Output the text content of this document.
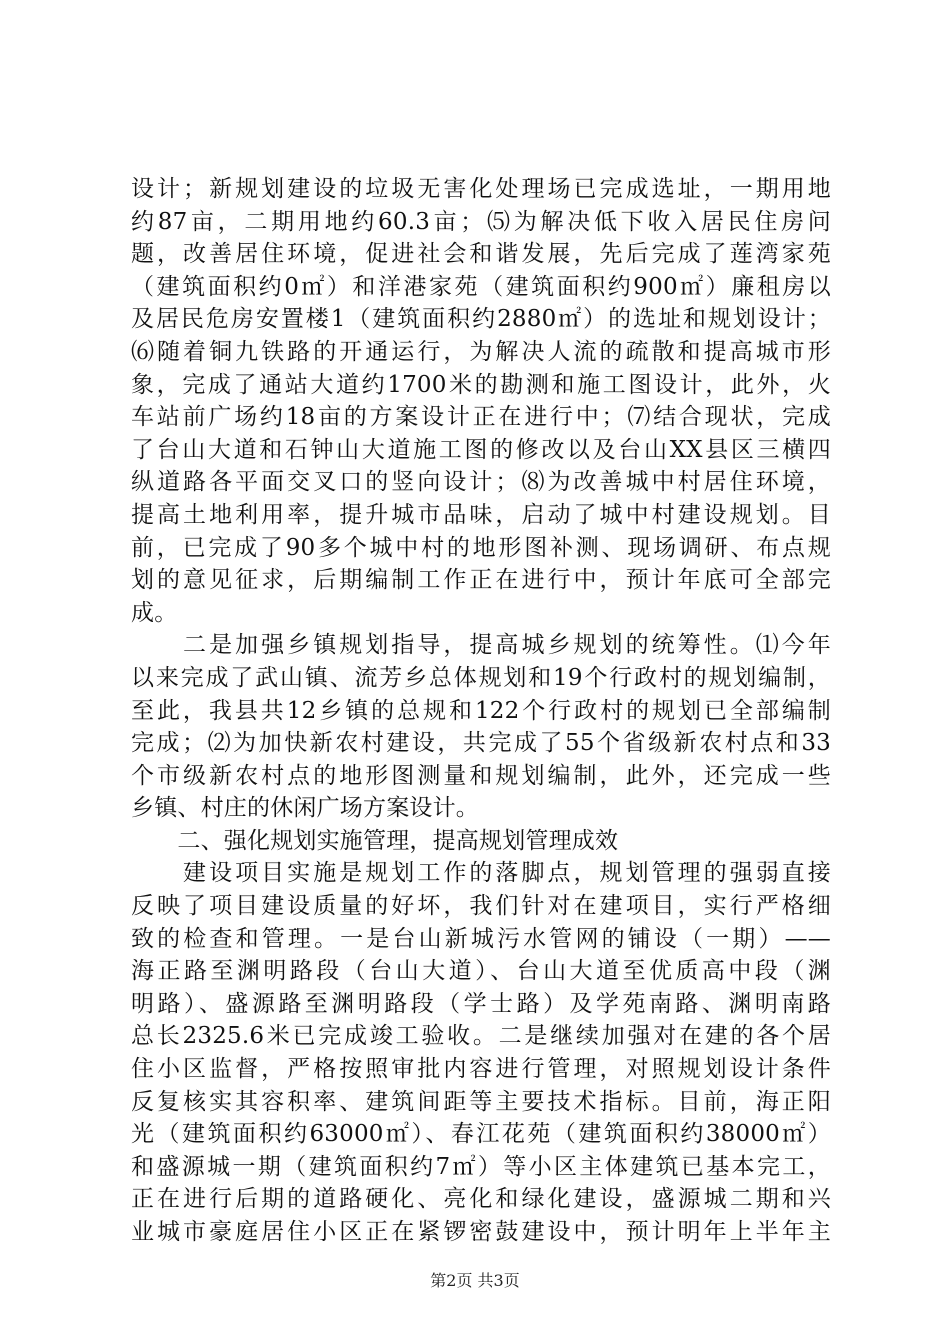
设计；新规划建设的垃圾无害化处理场已完成选址，一期用地
约87亩，二期用地约60.3亩；⑸为解决低下收入居民住房问
题，改善居住环境，促进社会和谐发展，先后完成了莲湾家苑
（建筑面积约0㎡）和洋港家苑（建筑面积约900㎡）廉租房以
及居民危房安置楼1（建筑面积约2880㎡）的选址和规划设计；
⑹随着铜九铁路的开通运行，为解决人流的疏散和提高城市形
象，完成了通站大道约1700米的勘测和施工图设计，此外，火
车站前广场约18亩的方案设计正在进行中；⑺结合现状，完成
了台山大道和石钟山大道施工图的修改以及台山XX县区三横四
纵道路各平面交叉口的竖向设计；⑻为改善城中村居住环境，
提高土地利用率，提升城市品味，启动了城中村建设规划。目
前，已完成了90多个城中村的地形图补测、现场调研、布点规
划的意见征求，后期编制工作正在进行中，预计年底可全部完
成。
　　二是加强乡镇规划指导，提高城乡规划的统筹性。⑴今年
以来完成了武山镇、流芳乡总体规划和19个行政村的规划编制，
至此，我县共12乡镇的总规和122个行政村的规划已全部编制
完成；⑵为加快新农村建设，共完成了55个省级新农村点和33
个市级新农村点的地形图测量和规划编制，此外，还完成一些
乡镇、村庄的休闲广场方案设计。
　　二、强化规划实施管理，提高规划管理成效
　　建设项目实施是规划工作的落脚点，规划管理的强弱直接
反映了项目建设质量的好坏，我们针对在建项目，实行严格细
致的检查和管理。一是台山新城污水管网的铺设（一期）——
海正路至渊明路段（台山大道）、台山大道至优质高中段（渊
明路）、盛源路至渊明路段（学士路）及学苑南路、渊明南路
总长2325.6米已完成竣工验收。二是继续加强对在建的各个居
住小区监督，严格按照审批内容进行管理，对照规划设计条件
反复核实其容积率、建筑间距等主要技术指标。目前，海正阳
光（建筑面积约63000㎡）、春江花苑（建筑面积约38000㎡）
和盛源城一期（建筑面积约7㎡）等小区主体建筑已基本完工，
正在进行后期的道路硬化、亮化和绿化建设，盛源城二期和兴
业城市豪庭居住小区正在紧锣密鼓建设中，预计明年上半年主
第2页 共3页
